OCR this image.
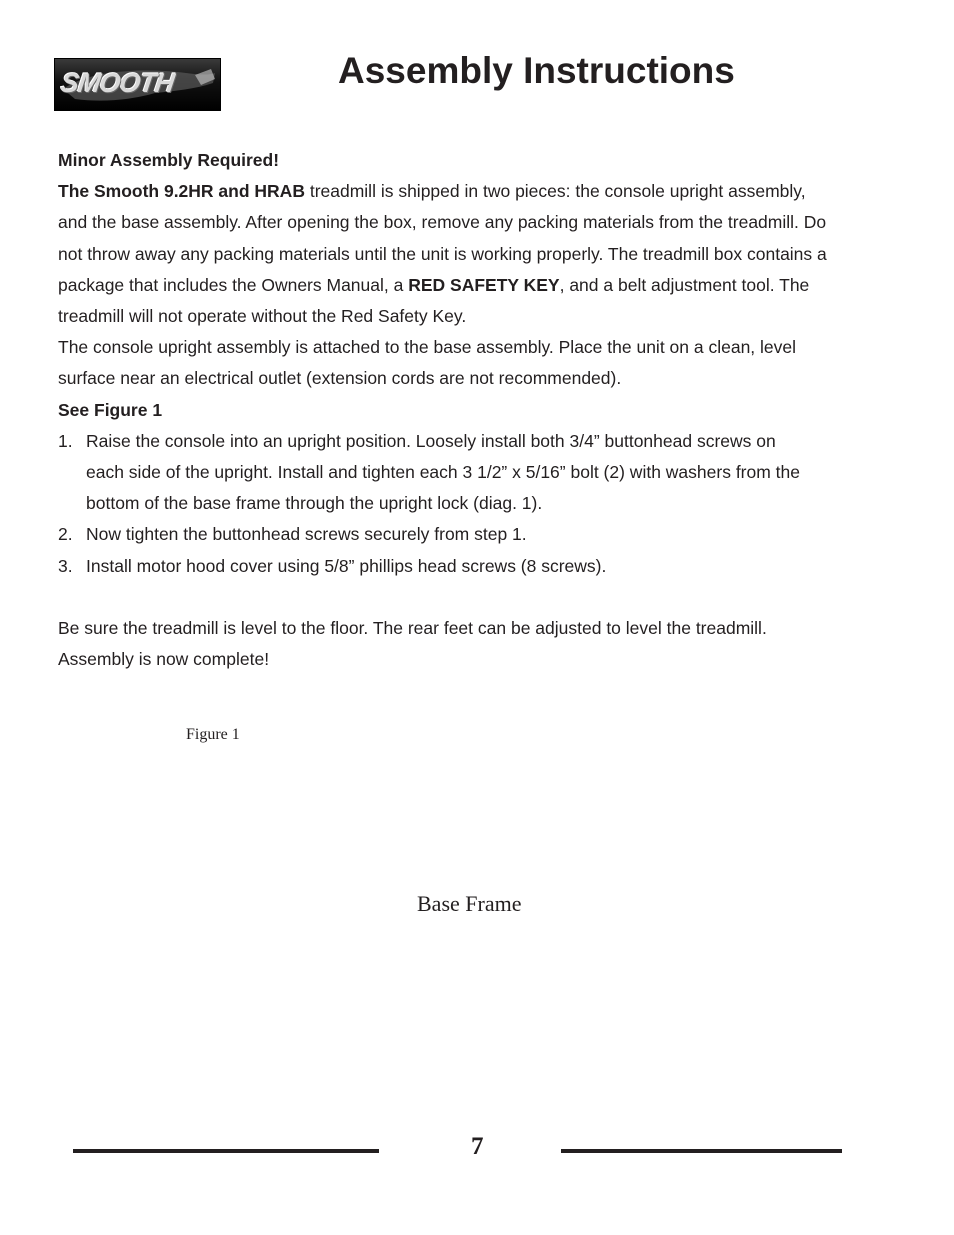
SMOOTH	Assembly Instructions

Minor Assembly Required!

The Smooth 9.2HR and HRAB treadmill is shipped in two pieces: the console upright assembly,

and the base assembly. After opening the box, remove any packing materials from the treadmill. Do

not throw away any packing materials until the unit is working properly. The treadmill box contains a

package that includes the Owners Manual, a RED SAFETY KEY, and a belt adjustment tool. The

treadmill will not operate without the Red Safety Key.

The console upright assembly is attached to the base assembly. Place the unit on a clean, level

surface near an electrical outlet (extension cords are not recommended).

See Figure 1

1. Raise the console into an upright position. Loosely install both 3/4” buttonhead screws on

each side of the upright. Install and tighten each 3 1/2” x 5/16” bolt (2) with washers from the

bottom of the base frame through the upright lock (diag. 1).

2. Now tighten the buttonhead screws securely from step 1.

3. Install motor hood cover using 5/8” phillips head screws (8 screws).

Be sure the treadmill is level to the floor. The rear feet can be adjusted to level the treadmill.

Assembly is now complete!

Figure 1
Base Frame
7
